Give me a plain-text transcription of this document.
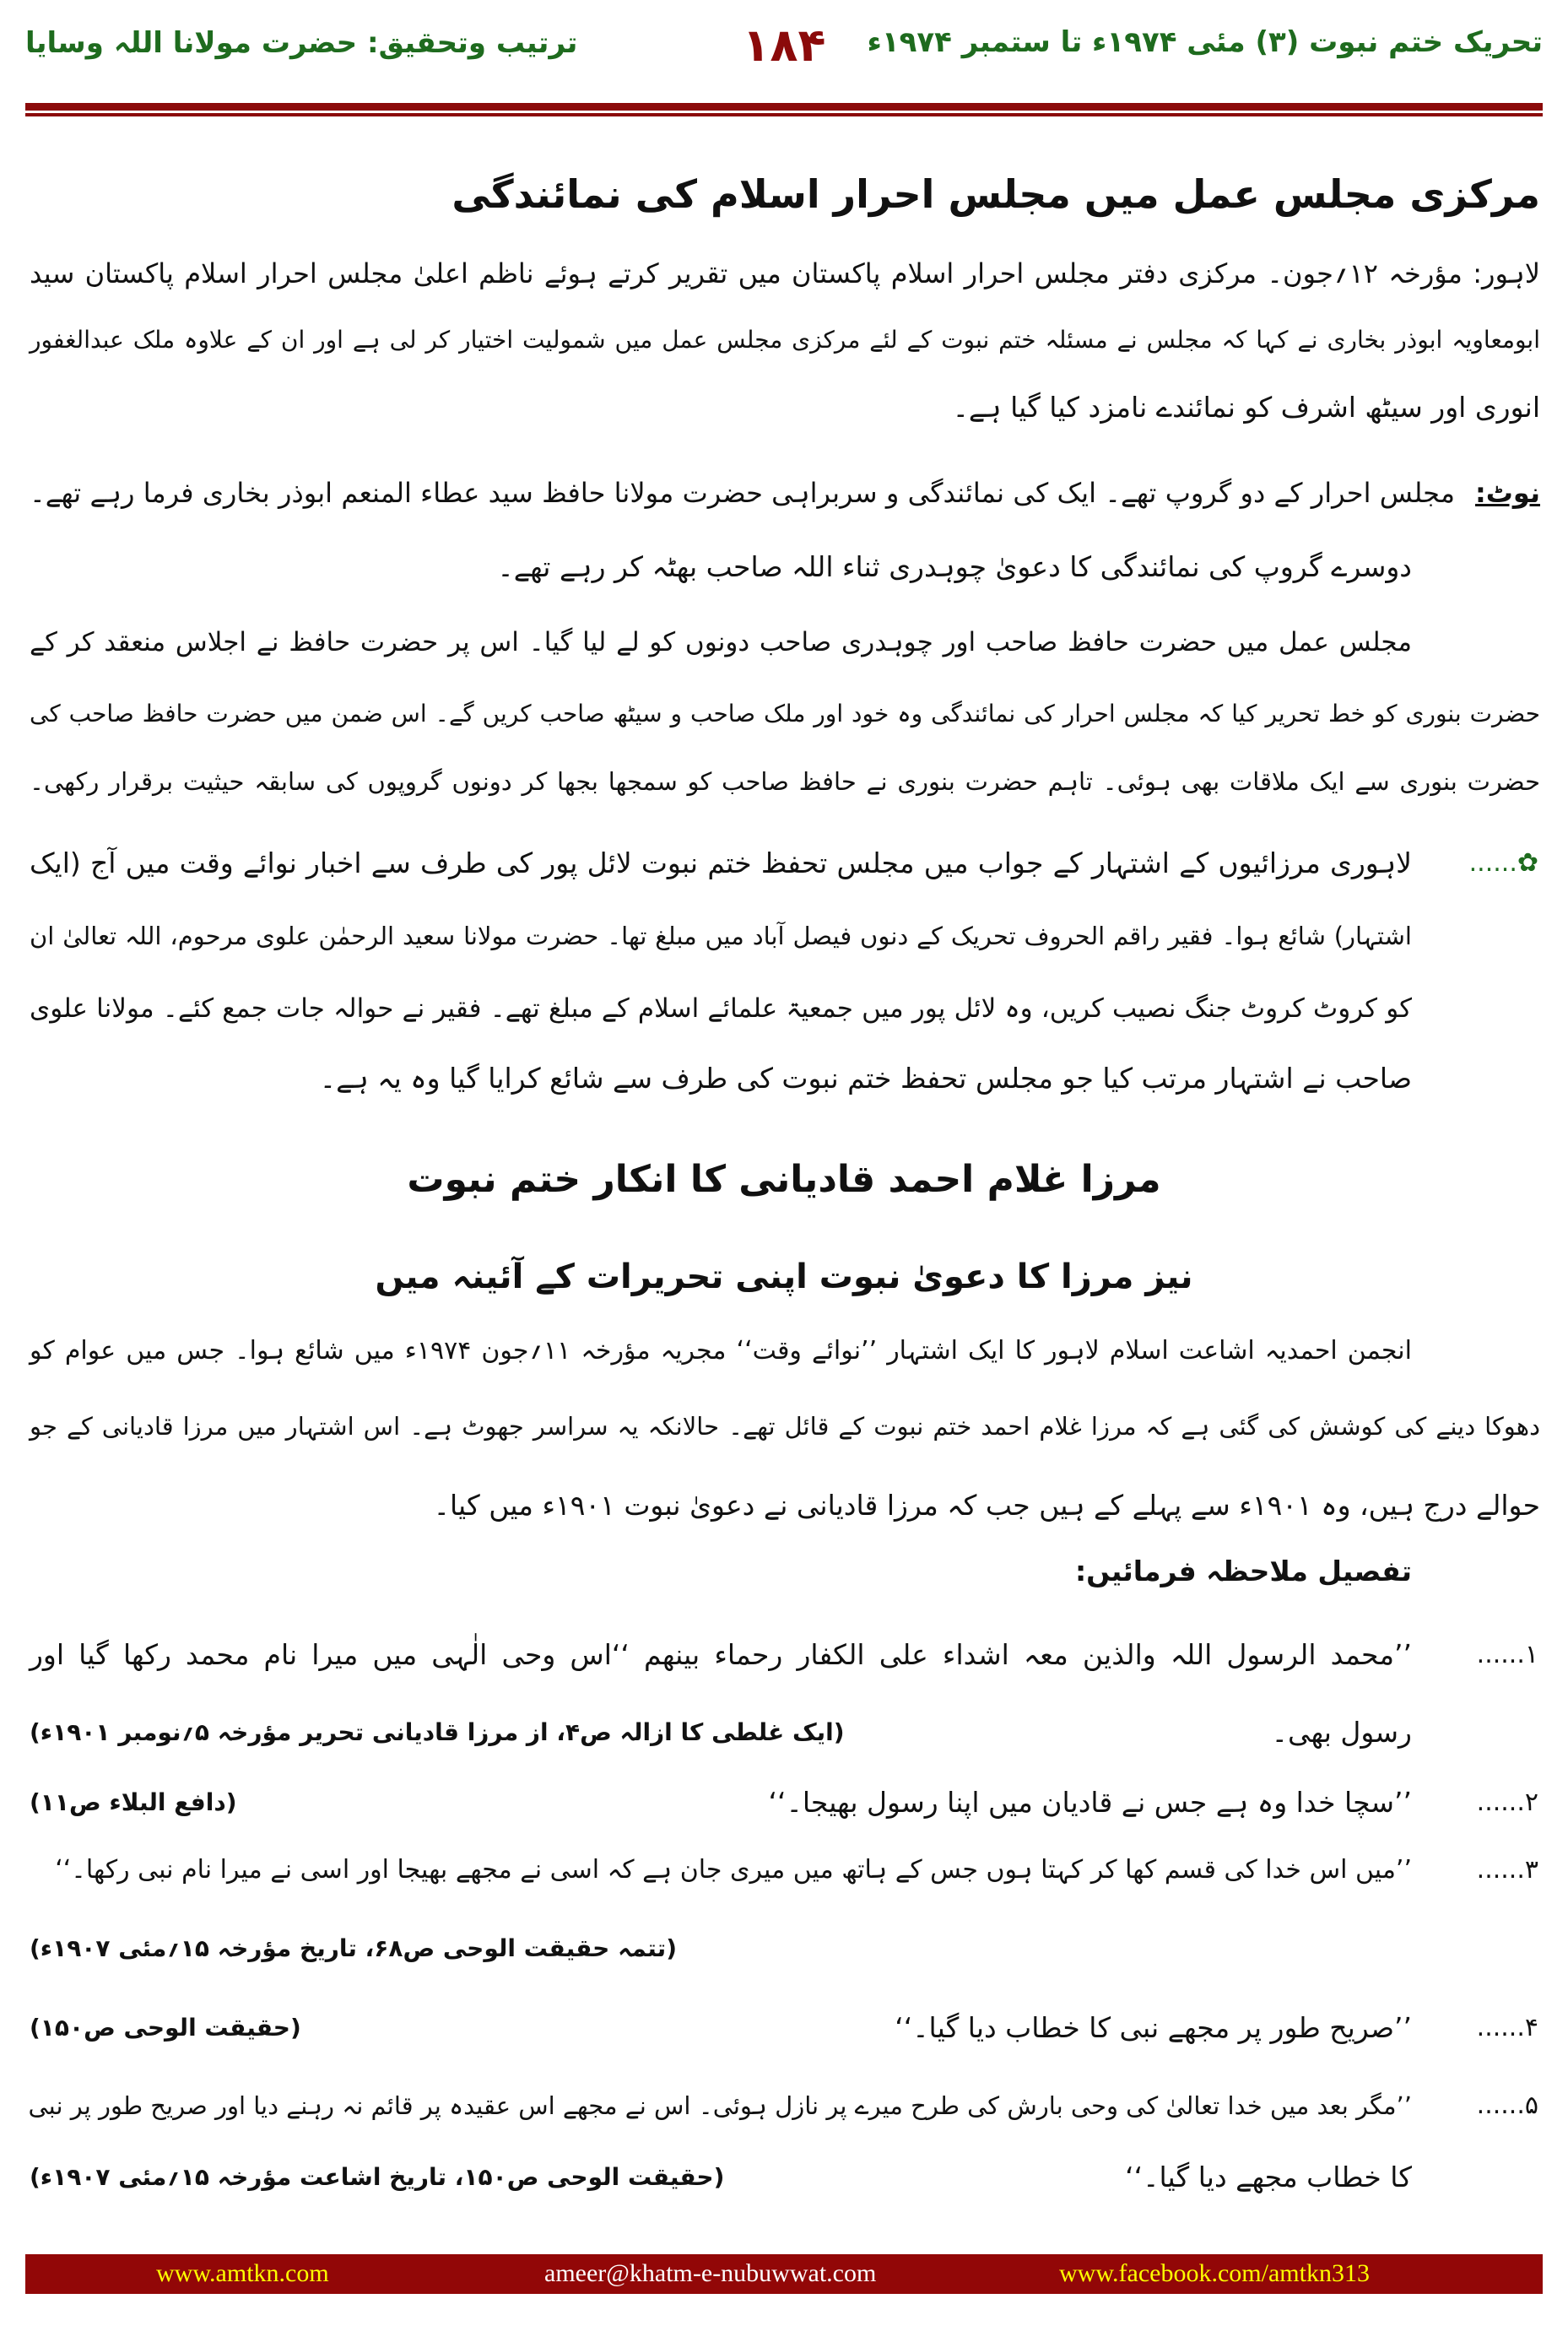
تحریک ختم نبوت (۳) مئی ۱۹۷۴ء تا ستمبر ۱۹۷۴ء
۱۸۴
ترتیب وتحقیق: حضرت مولانا اللہ وسایا
مرکزی مجلس عمل میں مجلس احرار اسلام کی نمائندگی
لاہور: مؤرخہ ۱۲؍جون۔ مرکزی دفتر مجلس احرار اسلام پاکستان میں تقریر کرتے ہوئے ناظم اعلیٰ مجلس احرار اسلام پاکستان سید
ابومعاویہ ابوذر بخاری نے کہا کہ مجلس نے مسئلہ ختم نبوت کے لئے مرکزی مجلس عمل میں شمولیت اختیار کر لی ہے اور ان کے علاوہ ملک عبدالغفور
انوری اور سیٹھ اشرف کو نمائندے نامزد کیا گیا ہے۔
نوٹ:مجلس احرار کے دو گروپ تھے۔ ایک کی نمائندگی و سربراہی حضرت مولانا حافظ سید عطاء المنعم ابوذر بخاری فرما رہے تھے۔
دوسرے گروپ کی نمائندگی کا دعویٰ چوہدری ثناء اللہ صاحب بھٹہ کر رہے تھے۔
مجلس عمل میں حضرت حافظ صاحب اور چوہدری صاحب دونوں کو لے لیا گیا۔ اس پر حضرت حافظ نے اجلاس منعقد کر کے
حضرت بنوری کو خط تحریر کیا کہ مجلس احرار کی نمائندگی وہ خود اور ملک صاحب و سیٹھ صاحب کریں گے۔ اس ضمن میں حضرت حافظ صاحب کی
حضرت بنوری سے ایک ملاقات بھی ہوئی۔ تاہم حضرت بنوری نے حافظ صاحب کو سمجھا بجھا کر دونوں گروپوں کی سابقہ حیثیت برقرار رکھی۔
✿......
لاہوری مرزائیوں کے اشتہار کے جواب میں مجلس تحفظ ختم نبوت لائل پور کی طرف سے اخبار نوائے وقت میں آج (ایک
اشتہار) شائع ہوا۔ فقیر راقم الحروف تحریک کے دنوں فیصل آباد میں مبلغ تھا۔ حضرت مولانا سعید الرحمٰن علوی مرحوم، اللہ تعالیٰ ان
کو کروٹ کروٹ جنگ نصیب کریں، وہ لائل پور میں جمعیۃ علمائے اسلام کے مبلغ تھے۔ فقیر نے حوالہ جات جمع کئے۔ مولانا علوی
صاحب نے اشتہار مرتب کیا جو مجلس تحفظ ختم نبوت کی طرف سے شائع کرایا گیا وہ یہ ہے۔
مرزا غلام احمد قادیانی کا انکار ختم نبوت
نیز مرزا کا دعویٰ نبوت اپنی تحریرات کے آئینہ میں
انجمن احمدیہ اشاعت اسلام لاہور کا ایک اشتہار ’’نوائے وقت‘‘ مجریہ مؤرخہ ۱۱؍جون ۱۹۷۴ء میں شائع ہوا۔ جس میں عوام کو
دھوکا دینے کی کوشش کی گئی ہے کہ مرزا غلام احمد ختم نبوت کے قائل تھے۔ حالانکہ یہ سراسر جھوٹ ہے۔ اس اشتہار میں مرزا قادیانی کے جو
حوالے درج ہیں، وہ ۱۹۰۱ء سے پہلے کے ہیں جب کہ مرزا قادیانی نے دعویٰ نبوت ۱۹۰۱ء میں کیا۔
تفصیل ملاحظہ فرمائیں:
۱......
’’محمد الرسول اللہ والذین معہ اشداء علی الکفار رحماء بینھم ‘‘اس وحی الٰہی میں میرا نام محمد رکھا گیا اور
رسول بھی۔
(ایک غلطی کا ازالہ ص۴، از مرزا قادیانی تحریر مؤرخہ ۵؍نومبر ۱۹۰۱ء)
۲......
’’سچا خدا وہ ہے جس نے قادیان میں اپنا رسول بھیجا۔‘‘
(دافع البلاء ص۱۱)
۳......
’’میں اس خدا کی قسم کھا کر کہتا ہوں جس کے ہاتھ میں میری جان ہے کہ اسی نے مجھے بھیجا اور اسی نے میرا نام نبی رکھا۔‘‘
(تتمہ حقیقت الوحی ص۶۸، تاریخ مؤرخہ ۱۵؍مئی ۱۹۰۷ء)
۴......
’’صریح طور پر مجھے نبی کا خطاب دیا گیا۔‘‘
(حقیقت الوحی ص۱۵۰)
۵......
’’مگر بعد میں خدا تعالیٰ کی وحی بارش کی طرح میرے پر نازل ہوئی۔ اس نے مجھے اس عقیدہ پر قائم نہ رہنے دیا اور صریح طور پر نبی
کا خطاب مجھے دیا گیا۔‘‘
(حقیقت الوحی ص۱۵۰، تاریخ اشاعت مؤرخہ ۱۵؍مئی ۱۹۰۷ء)
www.amtkn.com	ameer@khatm-e-nubuwwat.com	www.facebook.com/amtkn313
